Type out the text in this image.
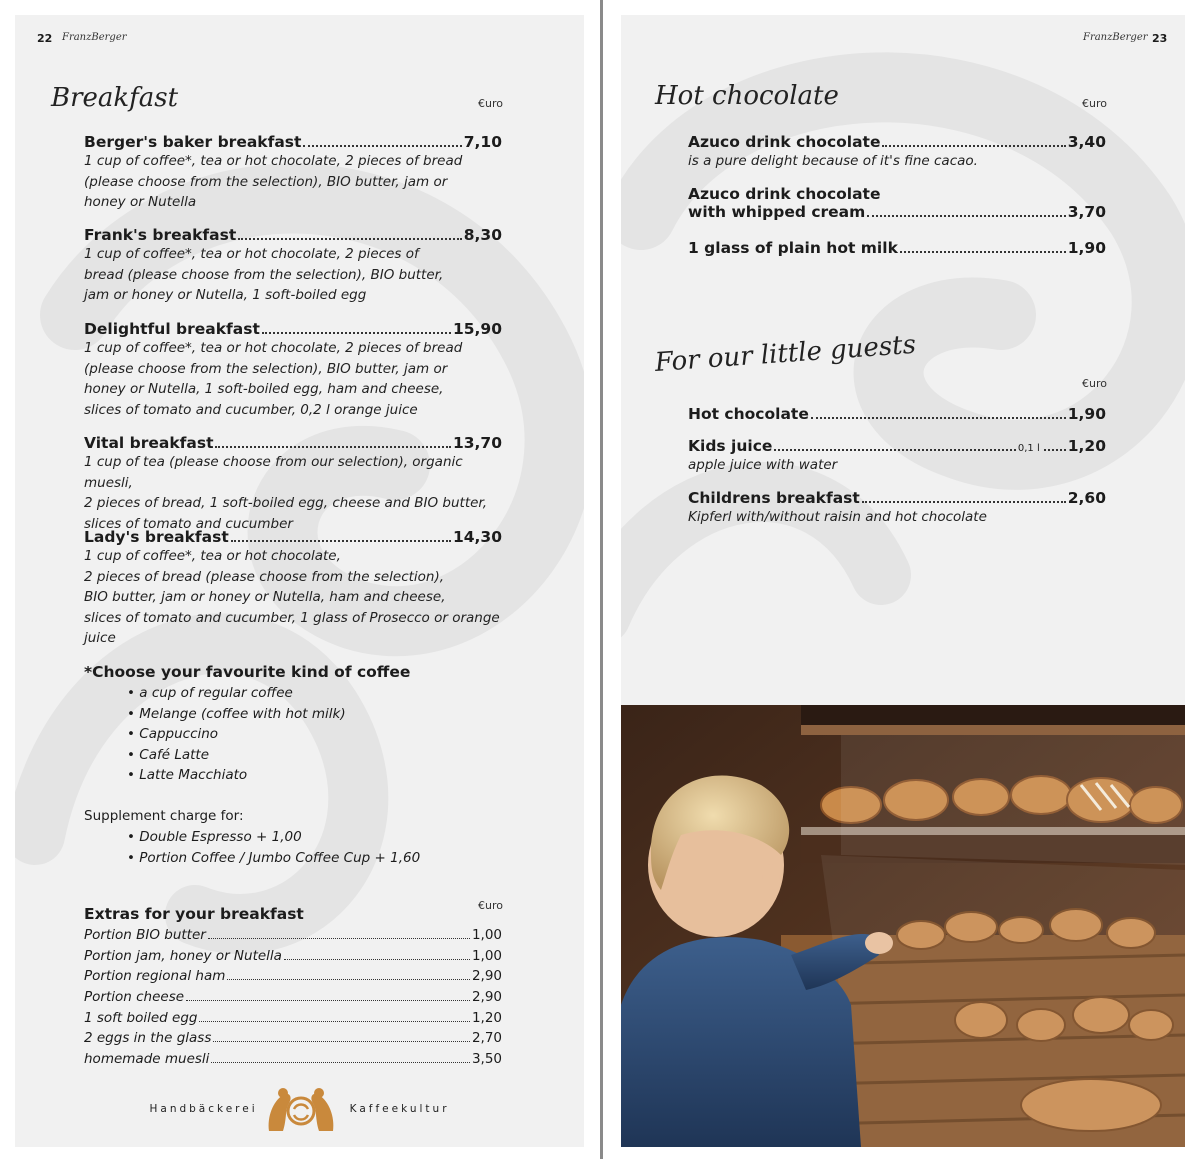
22 FranzBerger
Breakfast	€uro
Berger's baker breakfast	7,10
1 cup of coffee*, tea or hot chocolate, 2 pieces of bread
(please choose from the selection), BIO butter, jam or
honey or Nutella
Frank's breakfast	8,30
1 cup of coffee*, tea or hot chocolate, 2 pieces of
bread (please choose from the selection), BIO butter,
jam or honey or Nutella, 1 soft-boiled egg
Delightful breakfast	15,90
1 cup of coffee*, tea or hot chocolate, 2 pieces of bread
(please choose from the selection), BIO butter, jam or
honey or Nutella, 1 soft-boiled egg, ham and cheese,
slices of tomato and cucumber, 0,2 l orange juice
Vital breakfast	13,70
1 cup of tea (please choose from our selection), organic muesli,
2 pieces of bread, 1 soft-boiled egg, cheese and BIO butter,
slices of tomato and cucumber
Lady's breakfast	14,30
1 cup of coffee*, tea or hot chocolate,
2 pieces of bread (please choose from the selection),
BIO butter, jam or honey or Nutella, ham and cheese,
slices of tomato and cucumber, 1 glass of Prosecco or orange
juice
*Choose your favourite kind of coffee
• a cup of regular coffee
• Melange (coffee with hot milk)
• Cappuccino
• Café Latte
• Latte Macchiato
Supplement charge for:
• Double Espresso + 1,00
• Portion Coffee / Jumbo Coffee Cup + 1,60
Extras for your breakfast	€uro
Portion BIO butter	1,00
Portion jam, honey or Nutella	1,00
Portion regional ham	2,90
Portion cheese	2,90
1 soft boiled egg	1,20
2 eggs in the glass	2,70
homemade muesli	3,50
Handbäckerei	Kaffeekultur
FranzBerger 23
Hot chocolate	€uro
Azuco drink chocolate	3,40
is a pure delight because of it's fine cacao.
Azuco drink chocolate
with whipped cream	3,70
1 glass of plain hot milk	1,90
For our little guests
€uro
Hot chocolate	1,90
Kids juice	0,1 l 1,20
apple juice with water
Childrens breakfast	2,60
Kipferl with/without raisin and hot chocolate
